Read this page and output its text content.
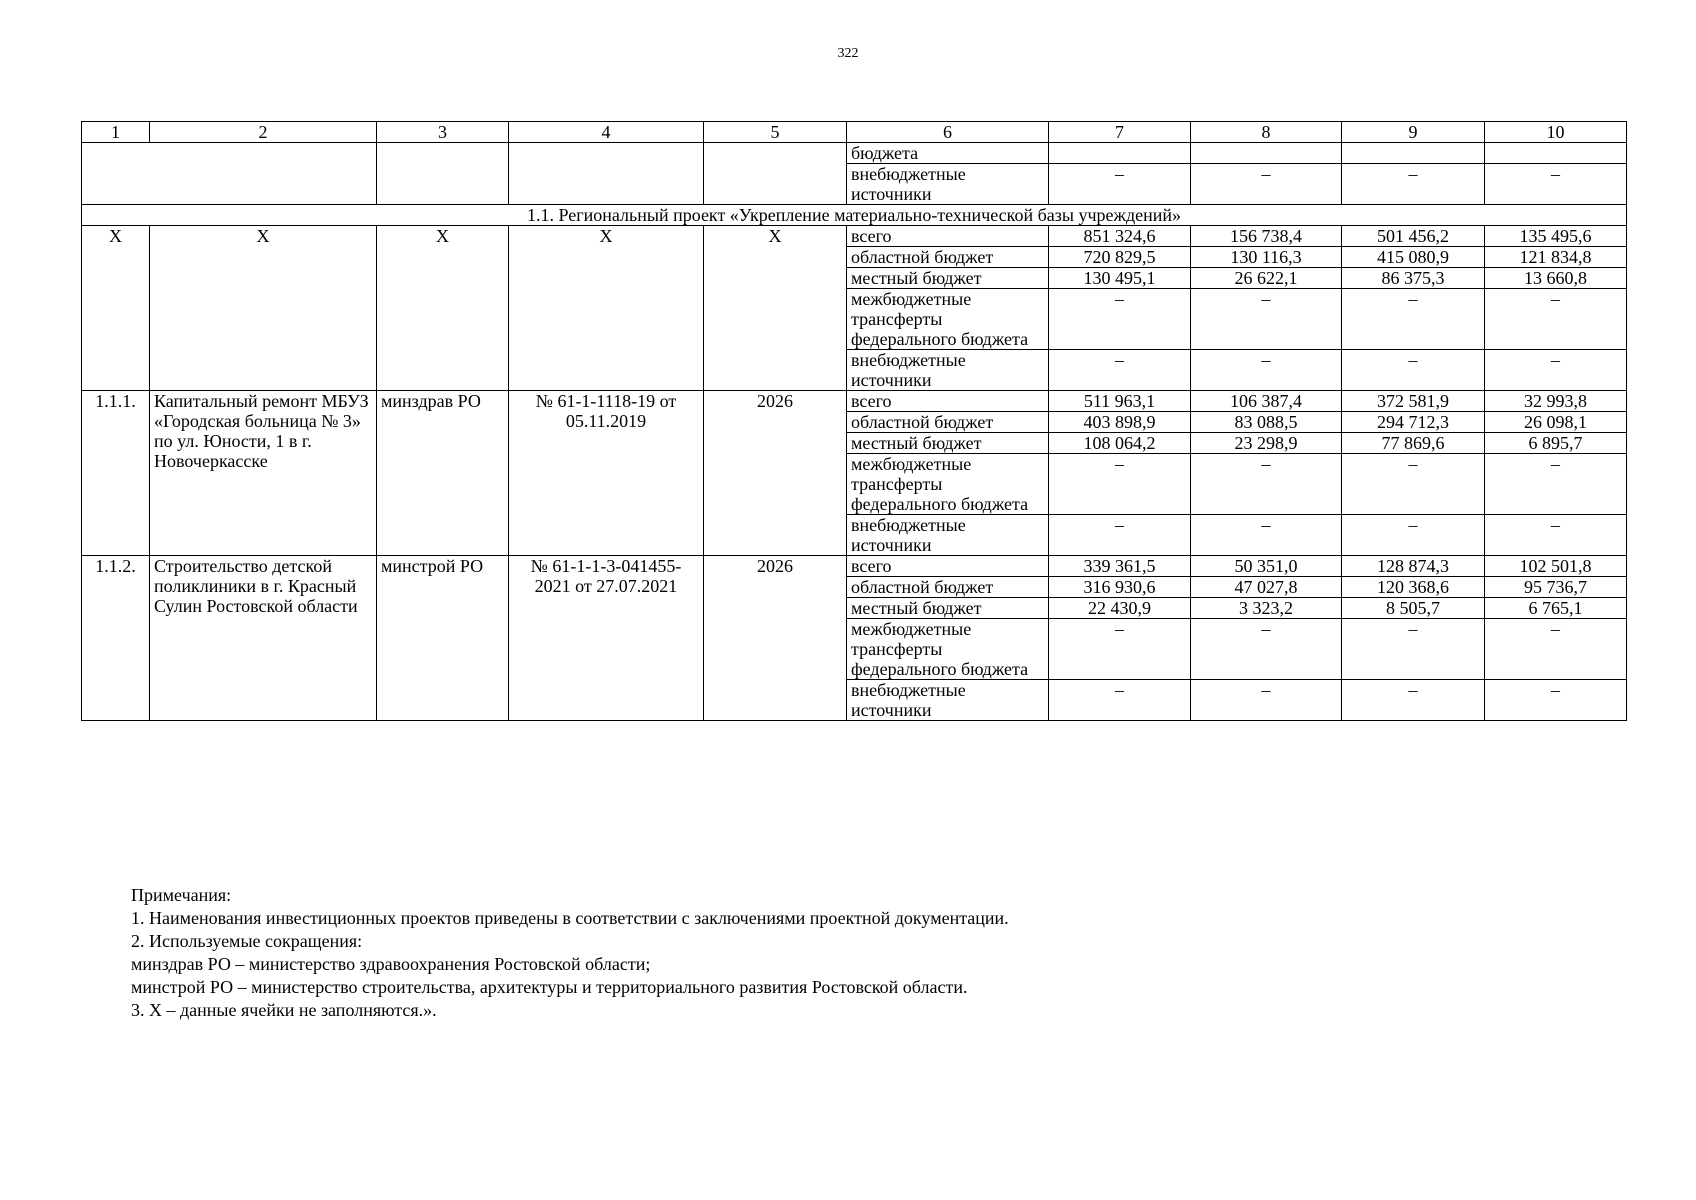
322
1	2	3	4	5	6	7	8	9	10
					бюджета				
					внебюджетные источники	–	–	–	–
1.1. Региональный проект «Укрепление материально-технической базы учреждений»									
Х	Х	Х	Х	Х	всего	851 324,6	156 738,4	501 456,2	135 495,6
					областной бюджет	720 829,5	130 116,3	415 080,9	121 834,8
					местный бюджет	130 495,1	26 622,1	86 375,3	13 660,8
					межбюджетные трансферты федерального бюджета	–	–	–	–
					внебюджетные источники	–	–	–	–
1.1.1.	Капитальный ремонт МБУЗ «Городская больница № 3» по ул. Юности, 1 в г. Новочеркасске	минздрав РО	№ 61-1-1118-19 от 05.11.2019	2026	всего	511 963,1	106 387,4	372 581,9	32 993,8
					областной бюджет	403 898,9	83 088,5	294 712,3	26 098,1
					местный бюджет	108 064,2	23 298,9	77 869,6	6 895,7
					межбюджетные трансферты федерального бюджета	–	–	–	–
					внебюджетные источники	–	–	–	–
1.1.2.	Строительство детской поликлиники в г. Красный Сулин Ростовской области	минстрой РО	№ 61-1-1-3-041455-2021 от 27.07.2021	2026	всего	339 361,5	50 351,0	128 874,3	102 501,8
					областной бюджет	316 930,6	47 027,8	120 368,6	95 736,7
					местный бюджет	22 430,9	3 323,2	8 505,7	6 765,1
					межбюджетные трансферты федерального бюджета	–	–	–	–
					внебюджетные источники	–	–	–	–
Примечания:
1. Наименования инвестиционных проектов приведены в соответствии с заключениями проектной документации.
2. Используемые сокращения:
минздрав РО – министерство здравоохранения Ростовской области;
минстрой РО – министерство строительства, архитектуры и территориального развития Ростовской области.
3. Х – данные ячейки не заполняются.».
